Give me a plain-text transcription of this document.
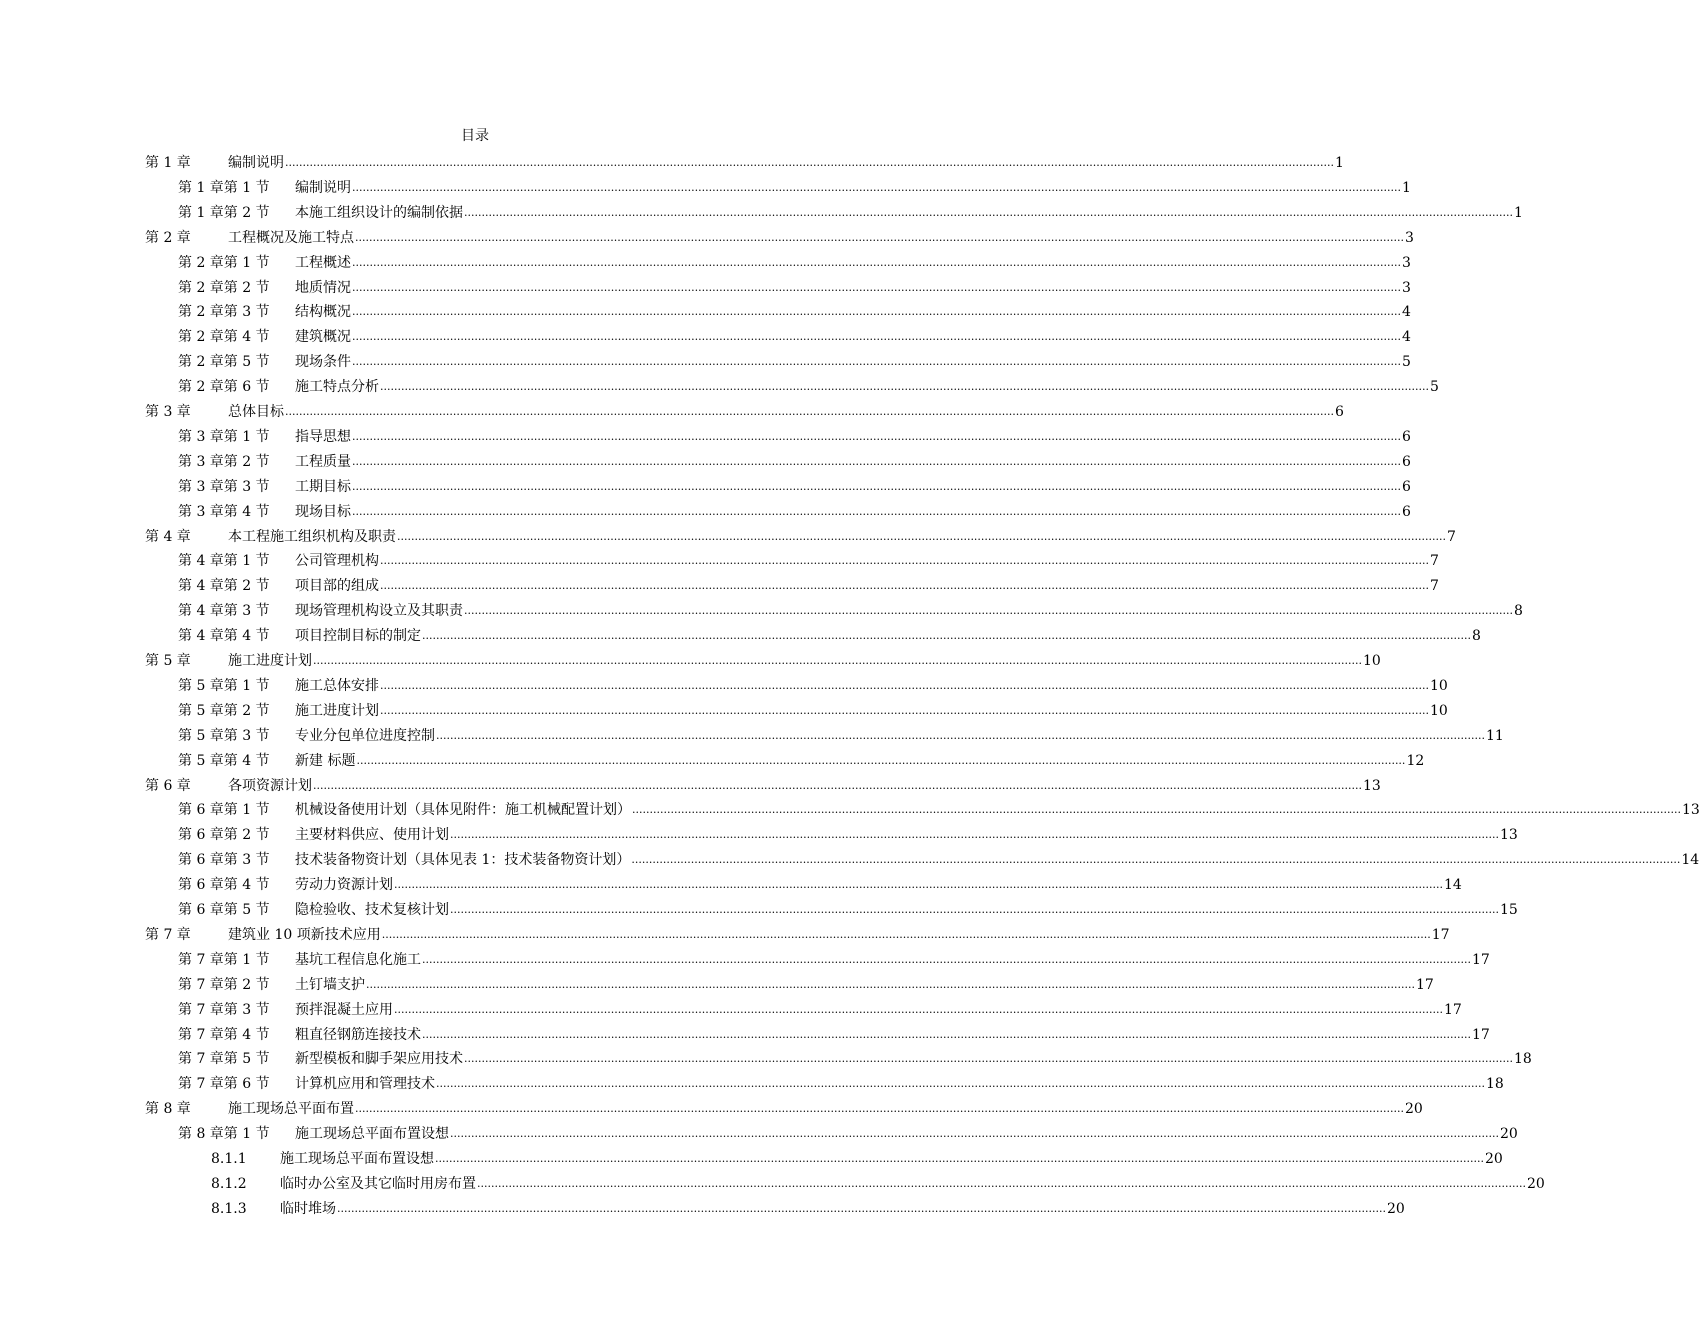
目录
第 1 章	编制说明 ............................................................................................................................................................................................................................................................................................................ 1
第 1 章第 1 节	编制说明 ............................................................................................................................................................................................................................................................................................................ 1
第 1 章第 2 节	本施工组织设计的编制依据 ............................................................................................................................................................................................................................................................................................................ 1
第 2 章	工程概况及施工特点 ............................................................................................................................................................................................................................................................................................................ 3
第 2 章第 1 节	工程概述 ............................................................................................................................................................................................................................................................................................................ 3
第 2 章第 2 节	地质情况 ............................................................................................................................................................................................................................................................................................................ 3
第 2 章第 3 节	结构概况 ............................................................................................................................................................................................................................................................................................................ 4
第 2 章第 4 节	建筑概况 ............................................................................................................................................................................................................................................................................................................ 4
第 2 章第 5 节	现场条件 ............................................................................................................................................................................................................................................................................................................ 5
第 2 章第 6 节	施工特点分析 ............................................................................................................................................................................................................................................................................................................ 5
第 3 章	总体目标 ............................................................................................................................................................................................................................................................................................................ 6
第 3 章第 1 节	指导思想 ............................................................................................................................................................................................................................................................................................................ 6
第 3 章第 2 节	工程质量 ............................................................................................................................................................................................................................................................................................................ 6
第 3 章第 3 节	工期目标 ............................................................................................................................................................................................................................................................................................................ 6
第 3 章第 4 节	现场目标 ............................................................................................................................................................................................................................................................................................................ 6
第 4 章	本工程施工组织机构及职责 ............................................................................................................................................................................................................................................................................................................ 7
第 4 章第 1 节	公司管理机构 ............................................................................................................................................................................................................................................................................................................ 7
第 4 章第 2 节	项目部的组成 ............................................................................................................................................................................................................................................................................................................ 7
第 4 章第 3 节	现场管理机构设立及其职责 ............................................................................................................................................................................................................................................................................................................ 8
第 4 章第 4 节	项目控制目标的制定 ............................................................................................................................................................................................................................................................................................................ 8
第 5 章	施工进度计划 ............................................................................................................................................................................................................................................................................................................ 10
第 5 章第 1 节	施工总体安排 ............................................................................................................................................................................................................................................................................................................ 10
第 5 章第 2 节	施工进度计划 ............................................................................................................................................................................................................................................................................................................ 10
第 5 章第 3 节	专业分包单位进度控制 ............................................................................................................................................................................................................................................................................................................ 11
第 5 章第 4 节	新建 标题 ............................................................................................................................................................................................................................................................................................................ 12
第 6 章	各项资源计划 ............................................................................................................................................................................................................................................................................................................ 13
第 6 章第 1 节	机械设备使用计划（具体见附件：施工机械配置计划） ............................................................................................................................................................................................................................................................................................................ 13
第 6 章第 2 节	主要材料供应、使用计划 ............................................................................................................................................................................................................................................................................................................ 13
第 6 章第 3 节	技术装备物资计划（具体见表 1：技术装备物资计划） ............................................................................................................................................................................................................................................................................................................ 14
第 6 章第 4 节	劳动力资源计划 ............................................................................................................................................................................................................................................................................................................ 14
第 6 章第 5 节	隐检验收、技术复核计划 ............................................................................................................................................................................................................................................................................................................ 15
第 7 章	建筑业 10 项新技术应用 ............................................................................................................................................................................................................................................................................................................ 17
第 7 章第 1 节	基坑工程信息化施工 ............................................................................................................................................................................................................................................................................................................ 17
第 7 章第 2 节	土钉墙支护 ............................................................................................................................................................................................................................................................................................................ 17
第 7 章第 3 节	预拌混凝土应用 ............................................................................................................................................................................................................................................................................................................ 17
第 7 章第 4 节	粗直径钢筋连接技术 ............................................................................................................................................................................................................................................................................................................ 17
第 7 章第 5 节	新型模板和脚手架应用技术 ............................................................................................................................................................................................................................................................................................................ 18
第 7 章第 6 节	计算机应用和管理技术 ............................................................................................................................................................................................................................................................................................................ 18
第 8 章	施工现场总平面布置 ............................................................................................................................................................................................................................................................................................................ 20
第 8 章第 1 节	施工现场总平面布置设想 ............................................................................................................................................................................................................................................................................................................ 20
8.1.1	施工现场总平面布置设想 ............................................................................................................................................................................................................................................................................................................ 20
8.1.2	临时办公室及其它临时用房布置 ............................................................................................................................................................................................................................................................................................................ 20
8.1.3	临时堆场 ............................................................................................................................................................................................................................................................................................................ 20
